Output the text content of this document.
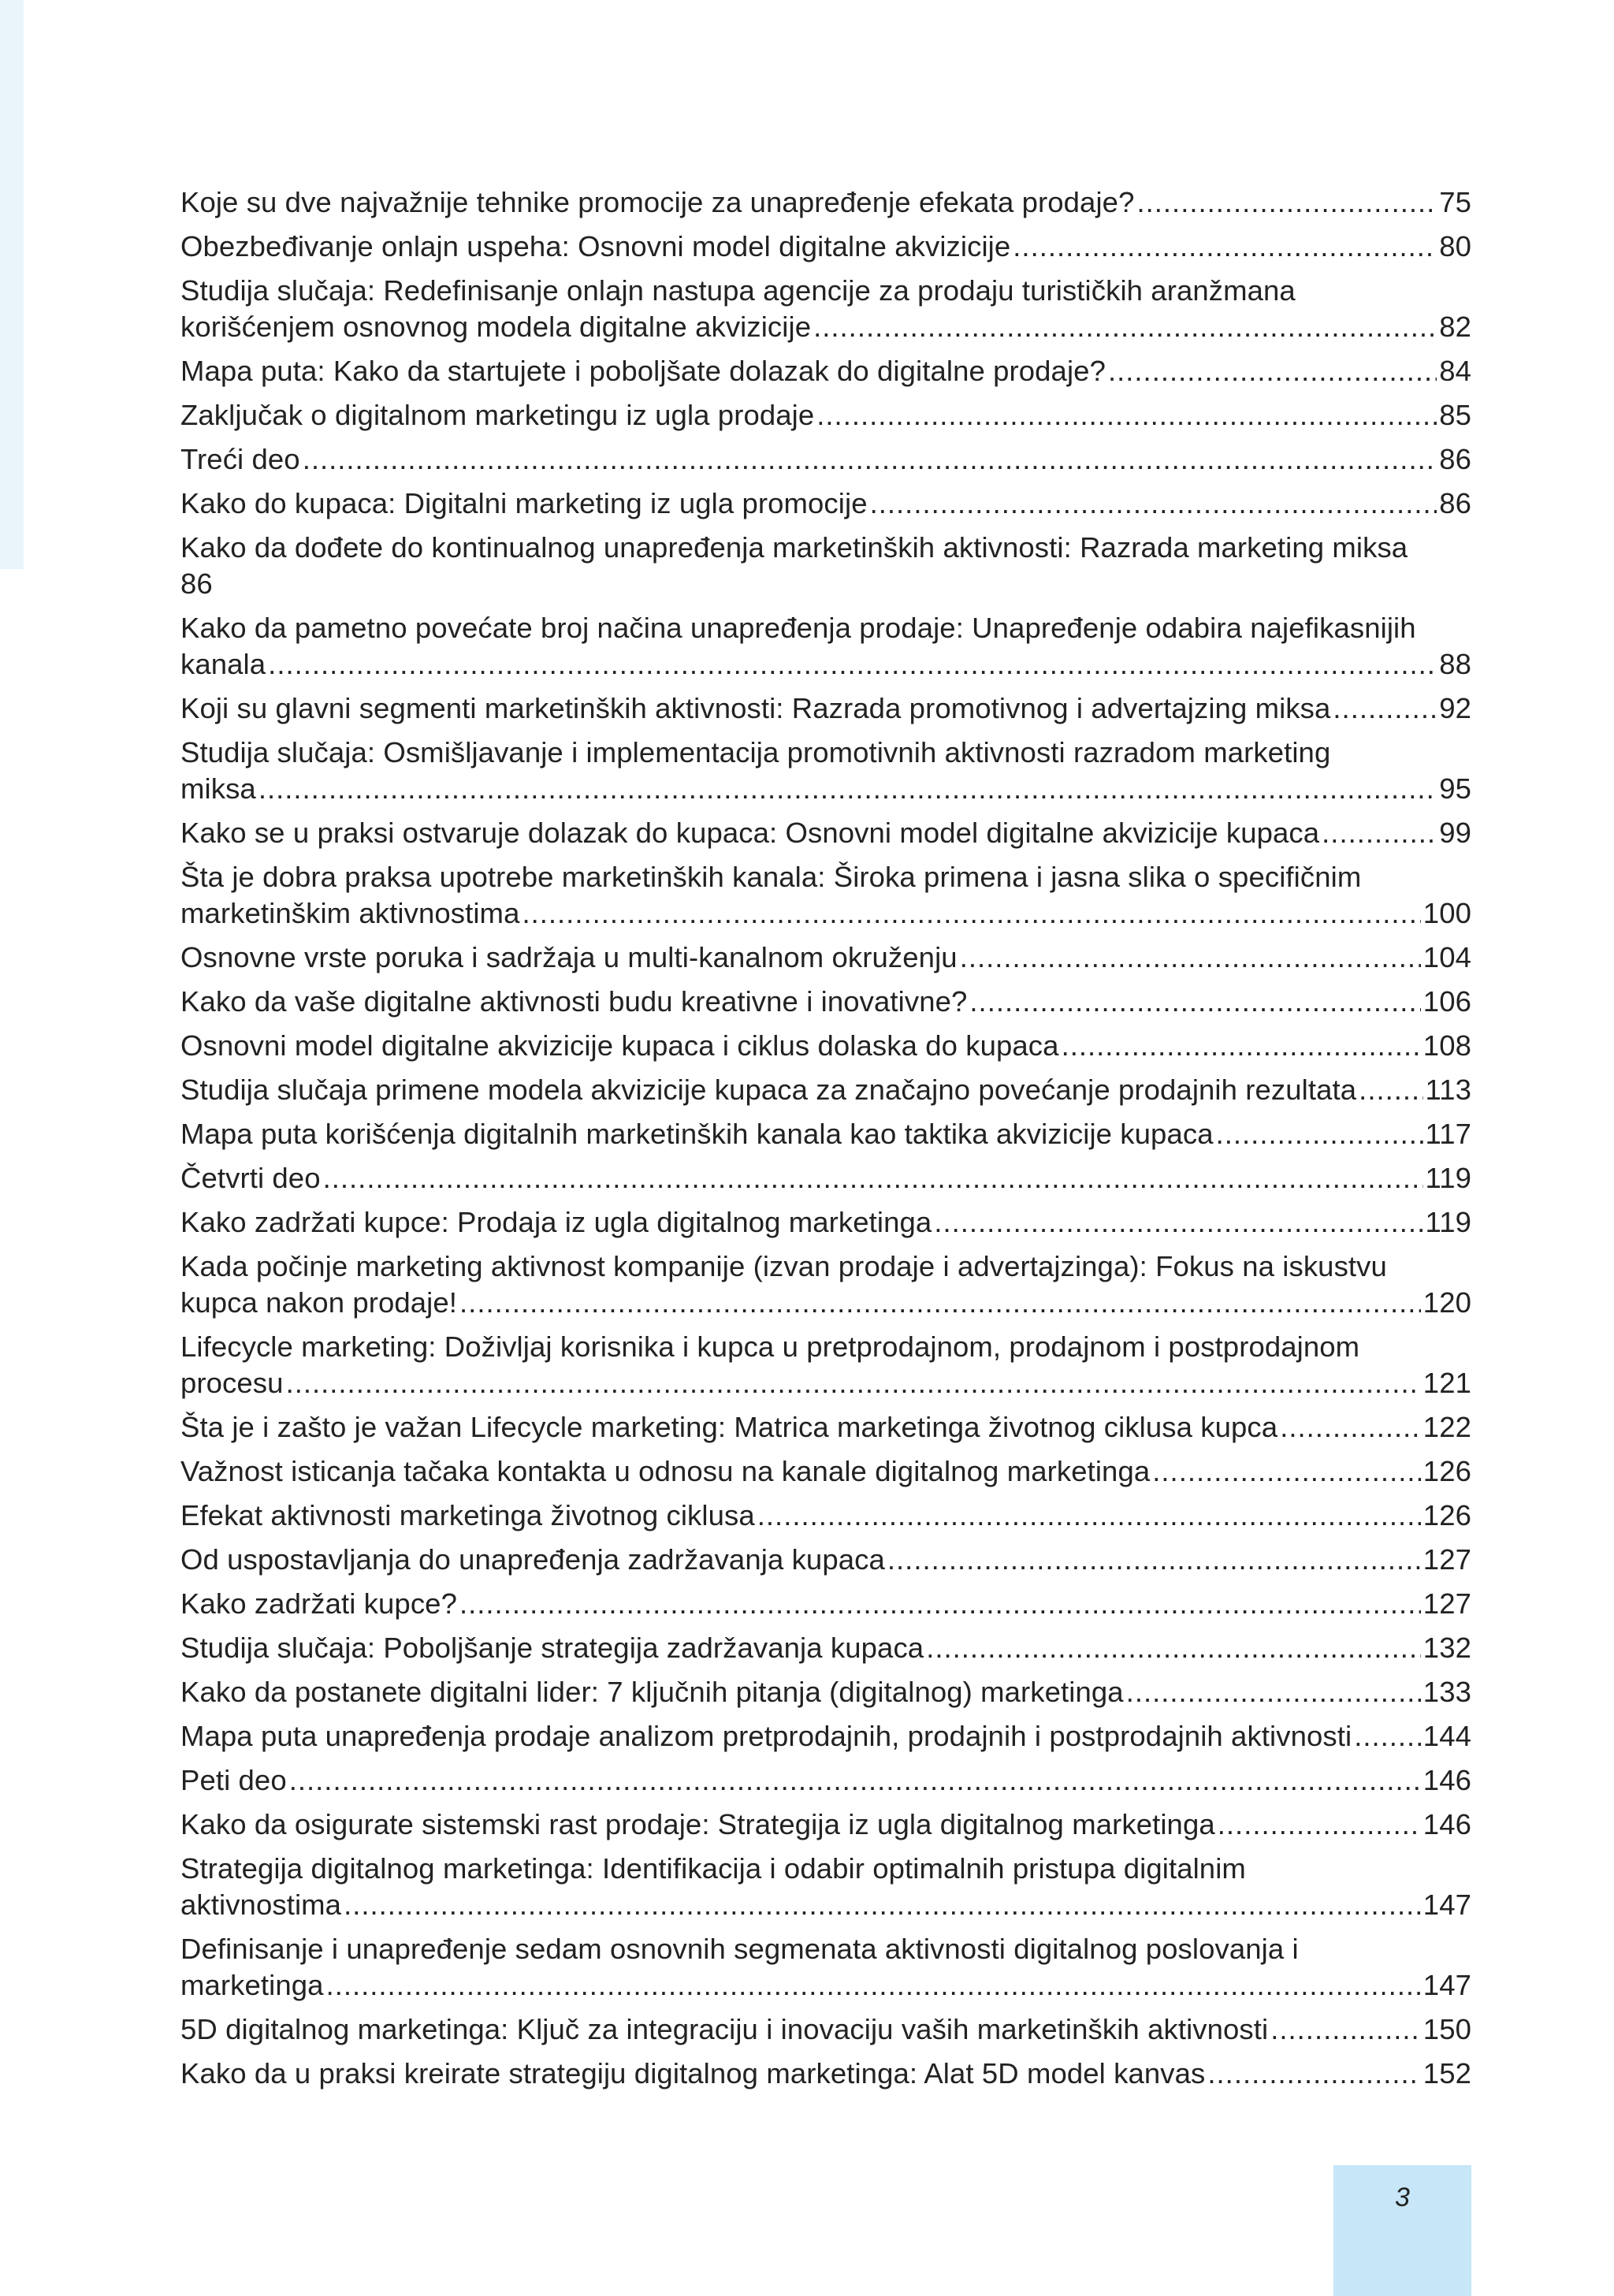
Koje su dve najvažnije tehnike promocije za unapređenje efekata prodaje? .....	75
Obezbeđivanje onlajn uspeha: Osnovni model digitalne akvizicije .....	80
Studija slučaja: Redefinisanje onlajn nastupa agencije za prodaju turističkih aranžmana
korišćenjem osnovnog modela digitalne akvizicije .....	82
Mapa puta: Kako da startujete i poboljšate dolazak do digitalne prodaje? .....	84
Zaključak o digitalnom marketingu iz ugla prodaje .....	85
Treći deo .....	86
Kako do kupaca: Digitalni marketing iz ugla promocije .....	86
Kako da dođete do kontinualnog unapređenja marketinških aktivnosti: Razrada marketing miksa
86
Kako da pametno povećate broj načina unapređenja prodaje: Unapređenje odabira najefikasnijih
kanala .....	88
Koji su glavni segmenti marketinških aktivnosti: Razrada promotivnog i advertajzing miksa .....	92
Studija slučaja: Osmišljavanje i implementacija promotivnih aktivnosti razradom marketing
miksa .....	95
Kako se u praksi ostvaruje dolazak do kupaca: Osnovni model digitalne akvizicije kupaca .....	99
Šta je dobra praksa upotrebe marketinških kanala: Široka primena i jasna slika o specifičnim
marketinškim aktivnostima .....	100
Osnovne vrste poruka i sadržaja u multi-kanalnom okruženju .....	104
Kako da vaše digitalne aktivnosti budu kreativne i inovativne? .....	106
Osnovni model digitalne akvizicije kupaca i ciklus dolaska do kupaca .....	108
Studija slučaja primene modela akvizicije kupaca za značajno povećanje prodajnih rezultata ..... 113
Mapa puta korišćenja digitalnih marketinških kanala kao taktika akvizicije kupaca .....	117
Četvrti deo .....	119
Kako zadržati kupce: Prodaja iz ugla digitalnog marketinga .....	119
Kada počinje marketing aktivnost kompanije (izvan prodaje i advertajzinga): Fokus na iskustvu
kupca nakon prodaje! .....	120
Lifecycle marketing: Doživljaj korisnika i kupca u pretprodajnom, prodajnom i postprodajnom
procesu .....	121
Šta je i zašto je važan Lifecycle marketing: Matrica marketinga životnog ciklusa kupca .....	122
Važnost isticanja tačaka kontakta u odnosu na kanale digitalnog marketinga .....	126
Efekat aktivnosti marketinga životnog ciklusa .....	126
Od uspostavljanja do unapređenja zadržavanja kupaca .....	127
Kako zadržati kupce? .....	127
Studija slučaja: Poboljšanje strategija zadržavanja kupaca .....	132
Kako da postanete digitalni lider: 7 ključnih pitanja (digitalnog) marketinga .....	133
Mapa puta unapređenja prodaje analizom pretprodajnih, prodajnih i postprodajnih aktivnosti ..... 144
Peti deo .....	146
Kako da osigurate sistemski rast prodaje: Strategija iz ugla digitalnog marketinga .....	146
Strategija digitalnog marketinga: Identifikacija i odabir optimalnih pristupa digitalnim
aktivnostima .....	147
Definisanje i unapređenje sedam osnovnih segmenata aktivnosti digitalnog poslovanja i
marketinga .....	147
5D digitalnog marketinga: Ključ za integraciju i inovaciju vaših marketinških aktivnosti .....	150
Kako da u praksi kreirate strategiju digitalnog marketinga: Alat 5D model kanvas .....	152
3
